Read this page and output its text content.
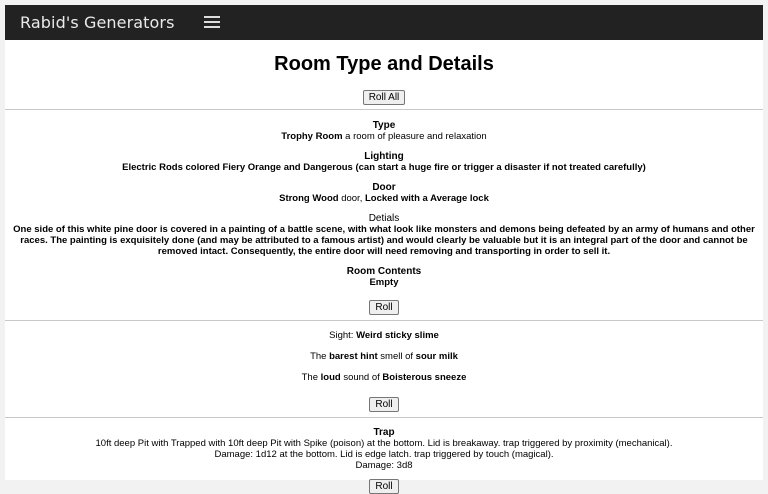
Rabid's Generators
Room Type and Details
Roll All
Type
Trophy Room a room of pleasure and relaxation
Lighting
Electric Rods colored Fiery Orange and Dangerous (can start a huge fire or trigger a disaster if not treated carefully)
Door
Strong Wood door, Locked with a Average lock
Detials
One side of this white pine door is covered in a painting of a battle scene, with what look like monsters and demons being defeated by an army of humans and other races. The painting is exquisitely done (and may be attributed to a famous artist) and would clearly be valuable but it is an integral part of the door and cannot be removed intact. Consequently, the entire door will need removing and transporting in order to sell it.
Room Contents
Empty
Roll
Sight: Weird sticky slime
The barest hint smell of sour milk
The loud sound of Boisterous sneeze
Roll
Trap
10ft deep Pit with Trapped with 10ft deep Pit with Spike (poison) at the bottom. Lid is breakaway. trap triggered by proximity (mechanical).
Damage: 1d12 at the bottom. Lid is edge latch. trap triggered by touch (magical).
Damage: 3d8
Roll
